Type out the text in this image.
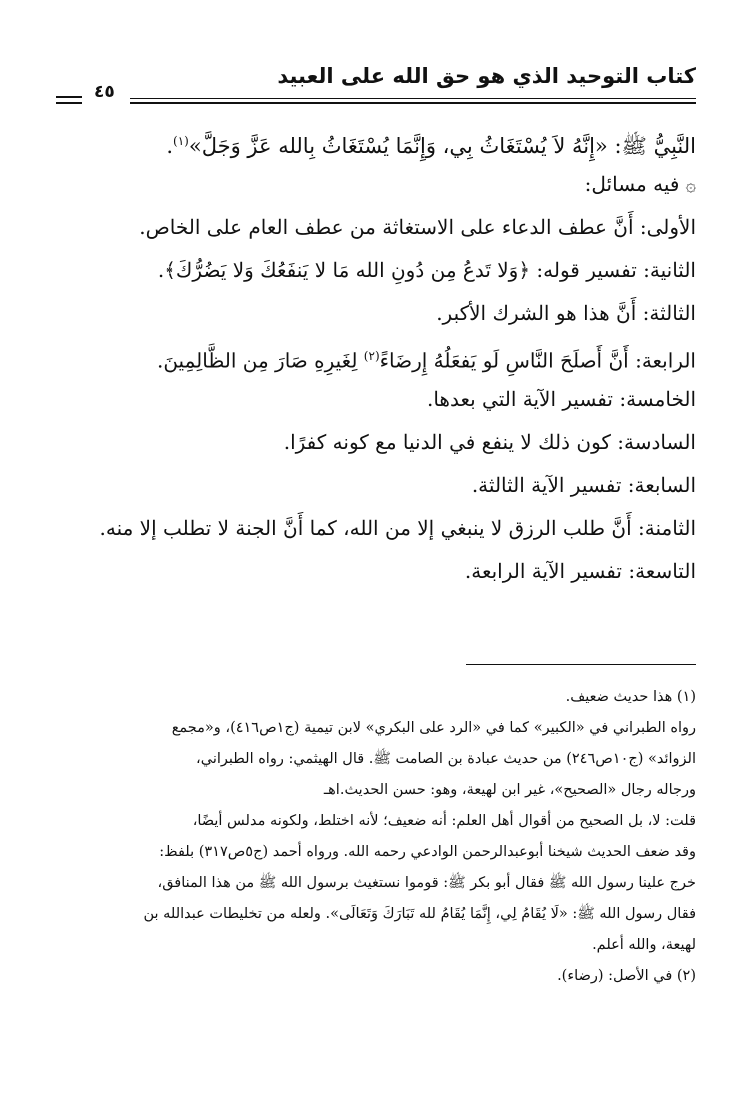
كتاب التوحيد الذي هو حق الله على العبيد
٤٥
النَّبِيُّ ﷺ: «إِنَّهُ لاَ يُسْتَغَاثُ بِي، وَإِنَّمَا يُسْتَغَاثُ بِالله عَزَّ وَجَلَّ»$^{(١)}$.
۞فيه مسائل:
الأولى: أَنَّ عطف الدعاء على الاستغاثة من عطف العام على الخاص.
الثانية: تفسير قوله: ﴿وَلا تَدعُ مِن دُونِ الله مَا لا يَنفَعُكَ وَلا يَضُرُّكَ﴾.
الثالثة: أَنَّ هذا هو الشرك الأكبر.
الرابعة: أَنَّ أَصلَحَ النَّاسِ لَو يَفعَلُهُ إِرضَاءً$^{(٢)}$ لِغَيرِهِ صَارَ مِن الظَّالِمِينَ.
الخامسة: تفسير الآية التي بعدها.
السادسة: كون ذلك لا ينفع في الدنيا مع كونه كفرًا.
السابعة: تفسير الآية الثالثة.
الثامنة: أَنَّ طلب الرزق لا ينبغي إلا من الله، كما أَنَّ الجنة لا تطلب إلا منه.
التاسعة: تفسير الآية الرابعة.
(١) هذا حديث ضعيف.
رواه الطبراني في «الكبير» كما في «الرد على البكري» لابن تيمية (ج١ص٤١٦)، و«مجمع
الزوائد» (ج١٠ص٢٤٦) من حديث عبادة بن الصامت ﷺ. قال الهيثمي: رواه الطبراني،
ورجاله رجال «الصحيح»، غير ابن لهيعة، وهو: حسن الحديث.اهـ
قلت: لا، بل الصحيح من أقوال أهل العلم: أنه ضعيف؛ لأنه اختلط، ولكونه مدلس أيضًا،
وقد ضعف الحديث شيخنا أبوعبدالرحمن الوادعي رحمه الله. ورواه أحمد (ج٥ص٣١٧) بلفظ:
خرج علينا رسول الله ﷺ فقال أبو بكر ﷺ: قوموا نستغيث برسول الله ﷺ من هذا المنافق،
فقال رسول الله ﷺ: «لَا يُقَامُ لِي، إِنَّمَا يُقَامُ لله تَبَارَكَ وَتَعَالَى». ولعله من تخليطات عبدالله بن
لهيعة، والله أعلم.
(٢) في الأصل: (رضاء).
